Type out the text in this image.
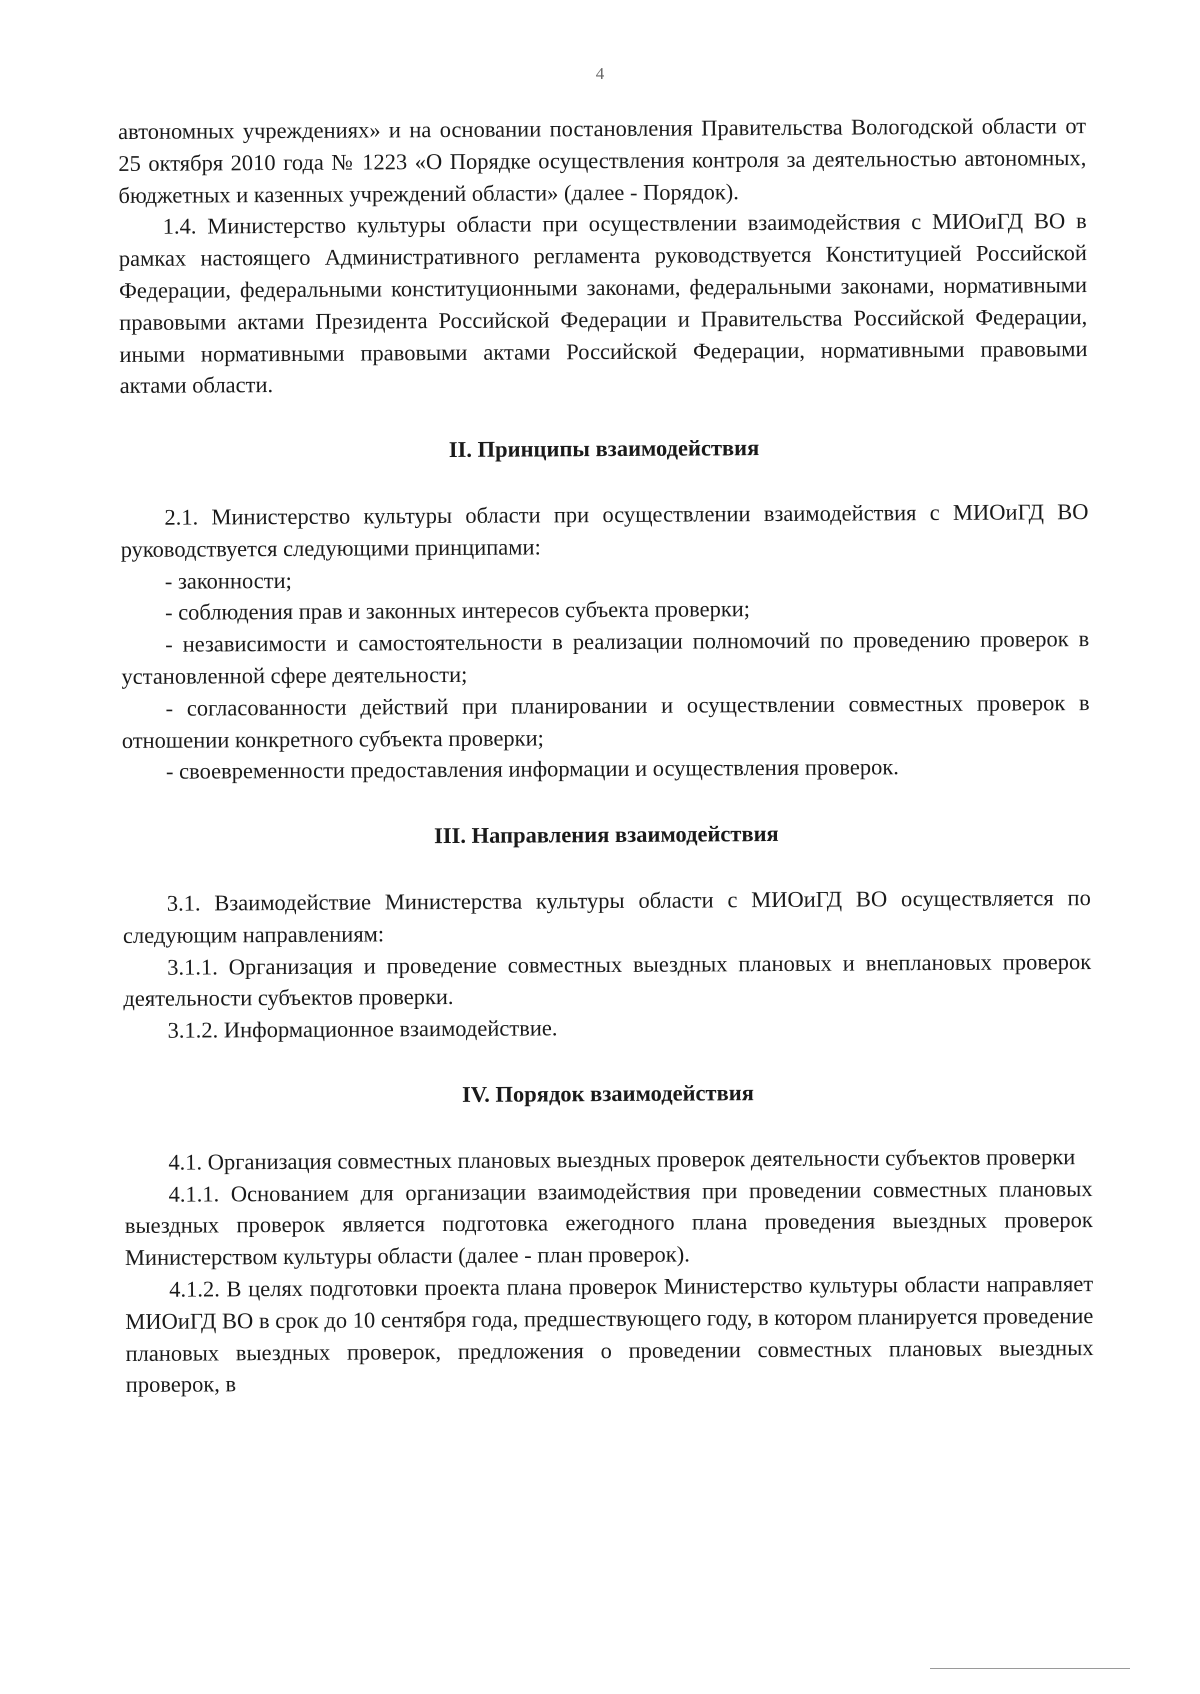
4

автономных учреждениях» и на основании постановления Правительства Вологодской области от 25 октября 2010 года № 1223 «О Порядке осуществления контроля за деятельностью автономных, бюджетных и казенных учреждений области» (далее - Порядок).

1.4. Министерство культуры области при осуществлении взаимодействия с МИОиГД ВО в рамках настоящего Административного регламента руководствуется Конституцией Российской Федерации, федеральными конституционными законами, федеральными законами, нормативными правовыми актами Президента Российской Федерации и Правительства Российской Федерации, иными нормативными правовыми актами Российской Федерации, нормативными правовыми актами области.

II. Принципы взаимодействия

2.1. Министерство культуры области при осуществлении взаимодействия с МИОиГД ВО руководствуется следующими принципами:

- законности;

- соблюдения прав и законных интересов субъекта проверки;

- независимости и самостоятельности в реализации полномочий по проведению проверок в установленной сфере деятельности;

- согласованности действий при планировании и осуществлении совместных проверок в отношении конкретного субъекта проверки;

- своевременности предоставления информации и осуществления проверок.

III. Направления взаимодействия

3.1. Взаимодействие Министерства культуры области с МИОиГД ВО осуществляется по следующим направлениям:

3.1.1. Организация и проведение совместных выездных плановых и внеплановых проверок деятельности субъектов проверки.

3.1.2. Информационное взаимодействие.

IV. Порядок взаимодействия

4.1. Организация совместных плановых выездных проверок деятельности субъектов проверки

4.1.1. Основанием для организации взаимодействия при проведении совместных плановых выездных проверок является подготовка ежегодного плана проведения выездных проверок Министерством культуры области (далее - план проверок).

4.1.2. В целях подготовки проекта плана проверок Министерство культуры области направляет МИОиГД ВО в срок до 10 сентября года, предшествующего году, в котором планируется проведение плановых выездных проверок, предложения о проведении совместных плановых выездных проверок, в
